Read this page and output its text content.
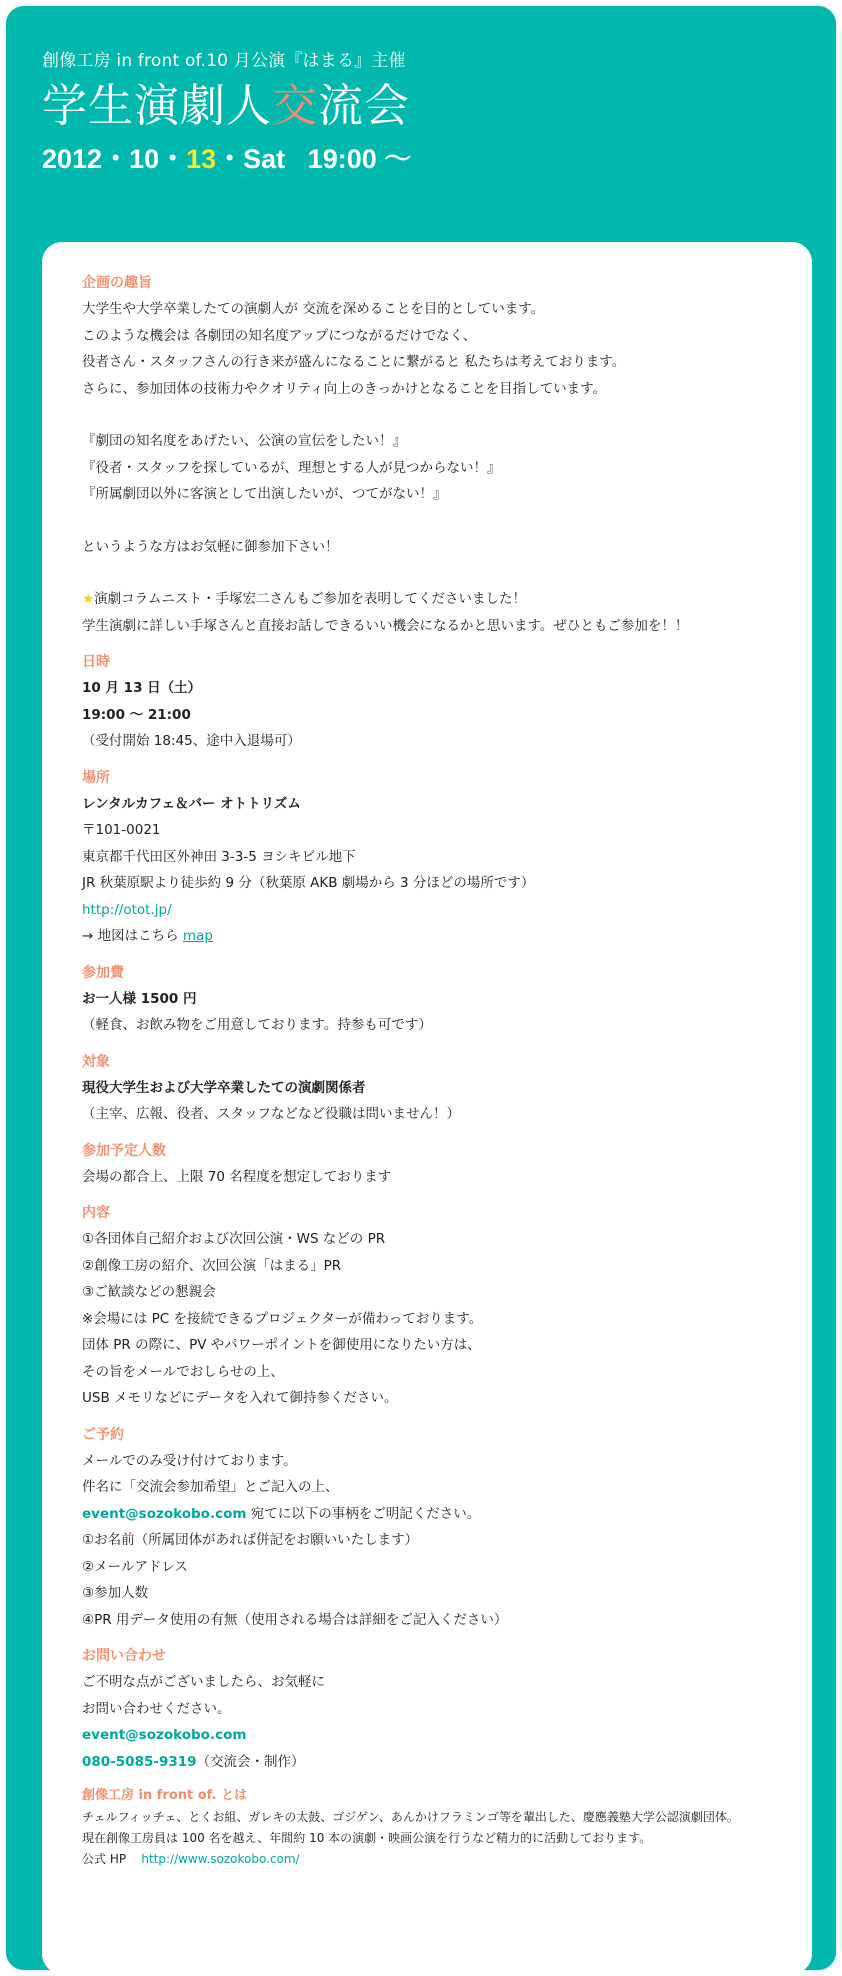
創像工房 in front of.10 月公演『はまる』主催
学生演劇人交流会
2012・10・13・Sat   19:00 〜
企画の趣旨
大学生や大学卒業したての演劇人が 交流を深めることを目的としています。
このような機会は 各劇団の知名度アップにつながるだけでなく、
役者さん・スタッフさんの行き来が盛んになることに繋がると 私たちは考えております。
さらに、参加団体の技術力やクオリティ向上のきっかけとなることを目指しています。
『劇団の知名度をあげたい、公演の宣伝をしたい！』
『役者・スタッフを探しているが、理想とする人が見つからない！』
『所属劇団以外に客演として出演したいが、つてがない！』
というような方はお気軽に御参加下さい！
★演劇コラムニスト・手塚宏二さんもご参加を表明してくださいました！
学生演劇に詳しい手塚さんと直接お話しできるいい機会になるかと思います。ぜひともご参加を！！
日時
10 月 13 日（土）
19:00 〜 21:00
（受付開始 18:45、途中入退場可）
場所
レンタルカフェ＆バー オトトリズム
〒101-0021
東京都千代田区外神田 3-3-5 ヨシキビル地下
JR 秋葉原駅より徒歩約 9 分（秋葉原 AKB 劇場から 3 分ほどの場所です）
http://otot.jp/
→ 地図はこちら map
参加費
お一人様 1500 円
（軽食、お飲み物をご用意しております。持参も可です）
対象
現役大学生および大学卒業したての演劇関係者
（主宰、広報、役者、スタッフなどなど役職は問いません！）
参加予定人数
会場の都合上、上限 70 名程度を想定しております
内容
①各団体自己紹介および次回公演・WS などの PR
②創像工房の紹介、次回公演「はまる」PR
③ご歓談などの懇親会
※会場には PC を接続できるプロジェクターが備わっております。
団体 PR の際に、PV やパワーポイントを御使用になりたい方は、
その旨をメールでおしらせの上、
USB メモリなどにデータを入れて御持参ください。
ご予約
メールでのみ受け付けております。
件名に「交流会参加希望」とご記入の上、
event@sozokobo.com 宛てに以下の事柄をご明記ください。
①お名前（所属団体があれば併記をお願いいたします）
②メールアドレス
③参加人数
④PR 用データ使用の有無（使用される場合は詳細をご記入ください）
お問い合わせ
ご不明な点がございましたら、お気軽に
お問い合わせください。
event@sozokobo.com
080-5085-9319（交流会・制作）
創像工房 in front of. とは
チェルフィッチェ、とくお組、ガレキの太鼓、ゴジゲン、あんかけフラミンゴ等を輩出した、慶應義塾大学公認演劇団体。
現在創像工房員は 100 名を越え、年間約 10 本の演劇・映画公演を行うなど精力的に活動しております。
公式 HP http://www.sozokobo.com/
